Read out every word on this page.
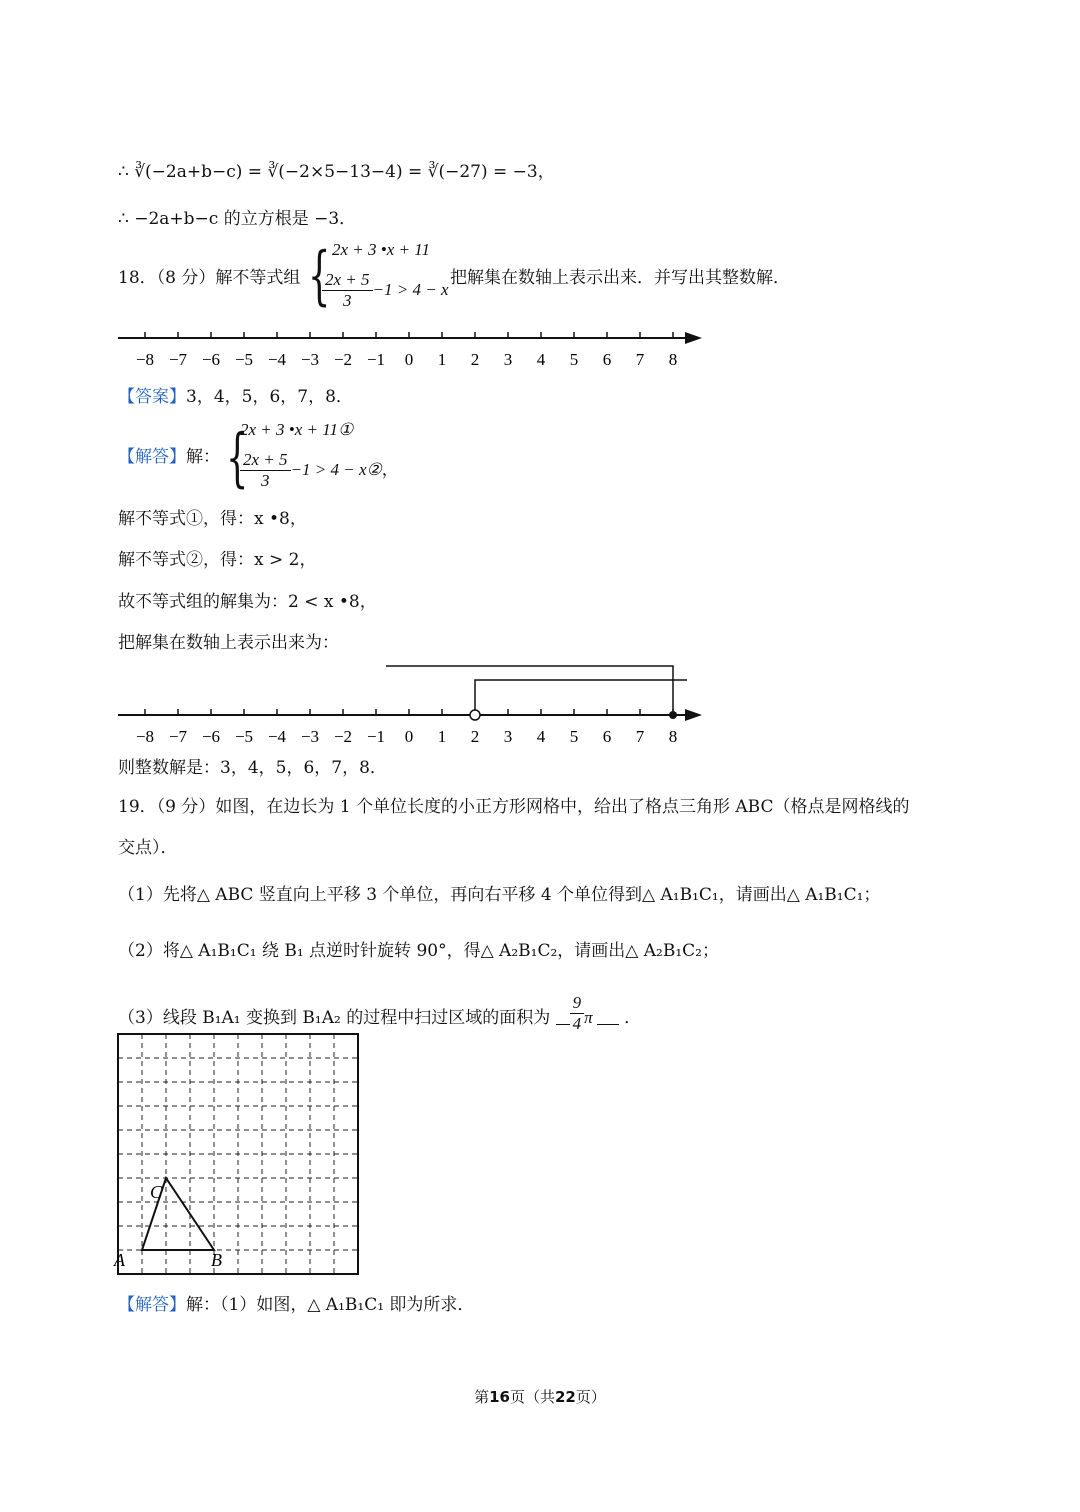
∴ ∛(−2a+b−c) = ∛(−2×5−13−4) = ∛(−27) = −3，
∴ −2a+b−c 的立方根是 −3．
18．（8 分）解不等式组 { 2x + 3 •x + 11
$\frac{2x + 5}{3} -1 > 4 - x$
把解集在数轴上表示出来．并写出其整数解．
−8 −7 −6 −5 −4 −3 −2 −1 0 1 2 3 4 5 6 7 8
【答案】3，4，5，6，7，8．
【解答】解： {
2x + 3 •x + 11①
$\frac{2x + 5}{3} -1 > 4$ − x②，
解不等式①，得：x •8，
解不等式②，得：x > 2，
故不等式组的解集为：2 < x •8，
把解集在数轴上表示出来为：
−8 −7 −6 −5 −4 −3 −2 −1 0 1 2 3 4 5 6 7 8
则整数解是：3，4，5，6，7，8．
19．（9 分）如图，在边长为 1 个单位长度的小正方形网格中，给出了格点三角形 ABC（格点是网格线的
交点）．
（1）先将△ ABC 竖直向上平移 3 个单位，再向右平移 4 个单位得到△ A₁B₁C₁，请画出△ A₁B₁C₁；
（2）将△ A₁B₁C₁ 绕 B₁ 点逆时针旋转 90°，得△ A₂B₁C₂，请画出△ A₂B₁C₂；
（3）线段 B₁A₁ 变换到 B₁A₂ 的过程中扫过区域的面积为 $\frac{9}{4}$ π ．
A	B
C
【解答】解：（1）如图，△ A₁B₁C₁ 即为所求．
第16页（共22页）
